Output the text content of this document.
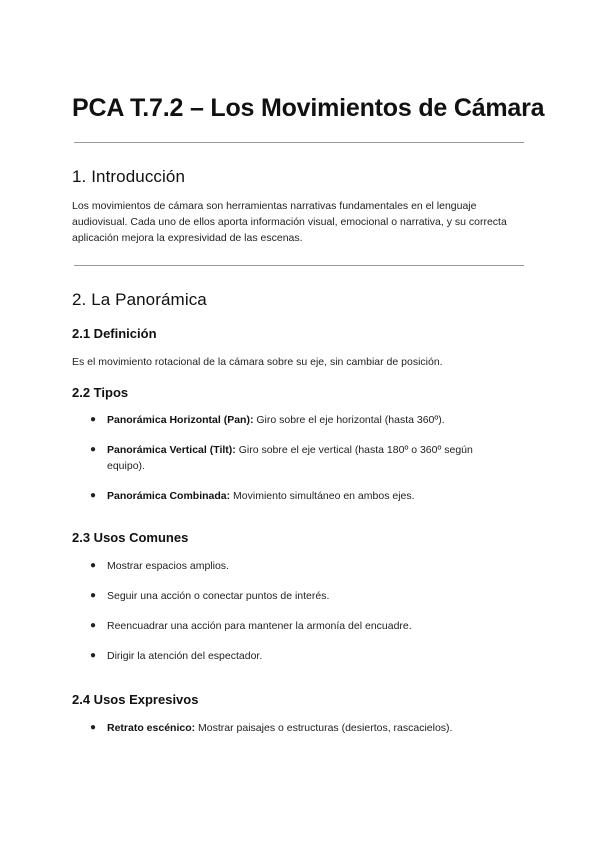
PCA T.7.2 – Los Movimientos de Cámara
1. Introducción

Los movimientos de cámara son herramientas narrativas fundamentales en el lenguaje audiovisual. Cada uno de ellos aporta información visual, emocional o narrativa, y su correcta aplicación mejora la expresividad de las escenas.

2. La Panorámica
2.1 Definición

Es el movimiento rotacional de la cámara sobre su eje, sin cambiar de posición.

2.2 Tipos
● Panorámica Horizontal (Pan): Giro sobre el eje horizontal (hasta 360º).
● Panorámica Vertical (Tilt): Giro sobre el eje vertical (hasta 180º o 360º según equipo).
● Panorámica Combinada: Movimiento simultáneo en ambos ejes.
2.3 Usos Comunes
● Mostrar espacios amplios.
● Seguir una acción o conectar puntos de interés.
● Reencuadrar una acción para mantener la armonía del encuadre.
● Dirigir la atención del espectador.
2.4 Usos Expresivos
● Retrato escénico: Mostrar paisajes o estructuras (desiertos, rascacielos).
